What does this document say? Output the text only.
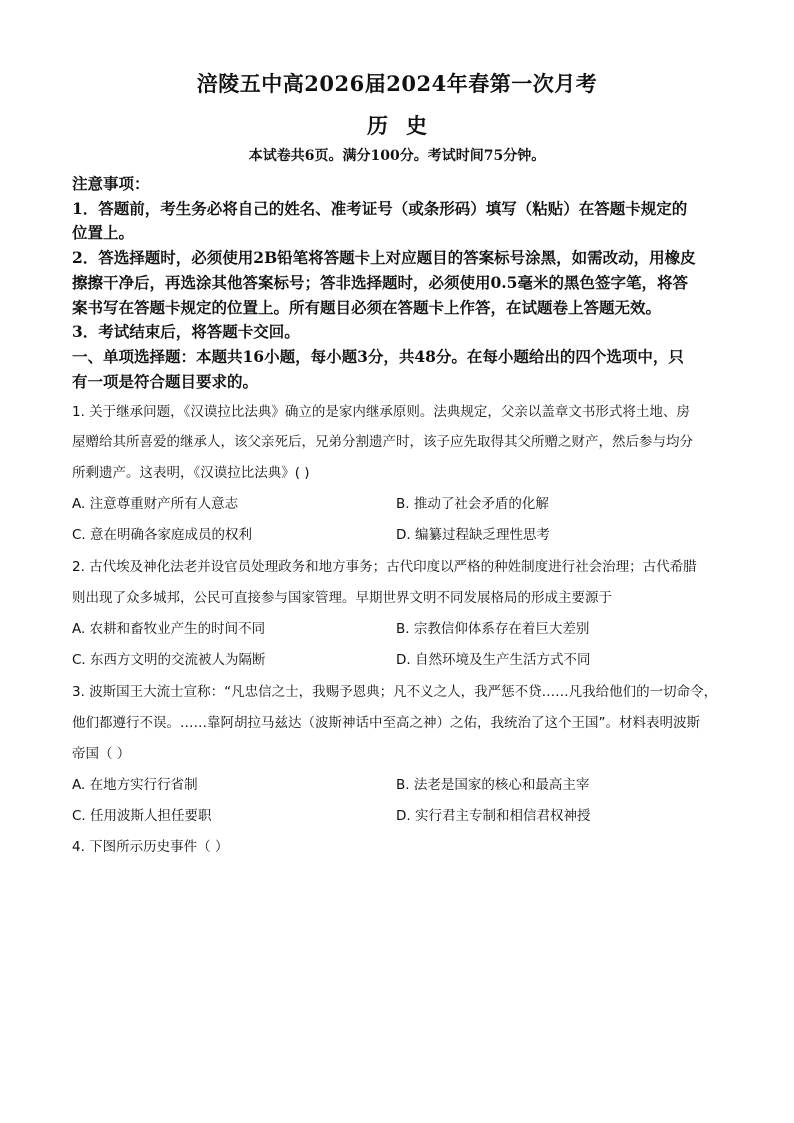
涪陵五中高2026届2024年春第一次月考
历史
本试卷共6页。满分100分。考试时间75分钟。
注意事项：
1．答题前，考生务必将自己的姓名、准考证号（或条形码）填写（粘贴）在答题卡规定的
位置上。
2．答选择题时，必须使用2B铅笔将答题卡上对应题目的答案标号涂黑，如需改动，用橡皮
擦擦干净后，再选涂其他答案标号；答非选择题时，必须使用0.5毫米的黑色签字笔，将答
案书写在答题卡规定的位置上。所有题目必须在答题卡上作答，在试题卷上答题无效。
3．考试结束后，将答题卡交回。
一、单项选择题：本题共16小题，每小题3分，共48分。在每小题给出的四个选项中，只
有一项是符合题目要求的。
1. 关于继承问题，《汉谟拉比法典》确立的是家内继承原则。法典规定，父亲以盖章文书形式将土地、房
屋赠给其所喜爱的继承人，该父亲死后，兄弟分割遗产时，该子应先取得其父所赠之财产，然后参与均分
所剩遗产。这表明，《汉谟拉比法典》( )
A. 注意尊重财产所有人意志	B. 推动了社会矛盾的化解
C. 意在明确各家庭成员的权利	D. 编纂过程缺乏理性思考
2. 古代埃及神化法老并设官员处理政务和地方事务；古代印度以严格的种姓制度进行社会治理；古代希腊
则出现了众多城邦，公民可直接参与国家管理。早期世界文明不同发展格局的形成主要源于
A. 农耕和畜牧业产生的时间不同	B. 宗教信仰体系存在着巨大差别
C. 东西方文明的交流被人为隔断	D. 自然环境及生产生活方式不同
3. 波斯国王大流士宣称：“凡忠信之士，我赐予恩典；凡不义之人，我严惩不贷……凡我给他们的一切命令，
他们都遵行不误。……靠阿胡拉马兹达（波斯神话中至高之神）之佑，我统治了这个王国”。材料表明波斯
帝国（ ）
A. 在地方实行行省制	B. 法老是国家的核心和最高主宰
C. 任用波斯人担任要职	D. 实行君主专制和相信君权神授
4. 下图所示历史事件（ ）
